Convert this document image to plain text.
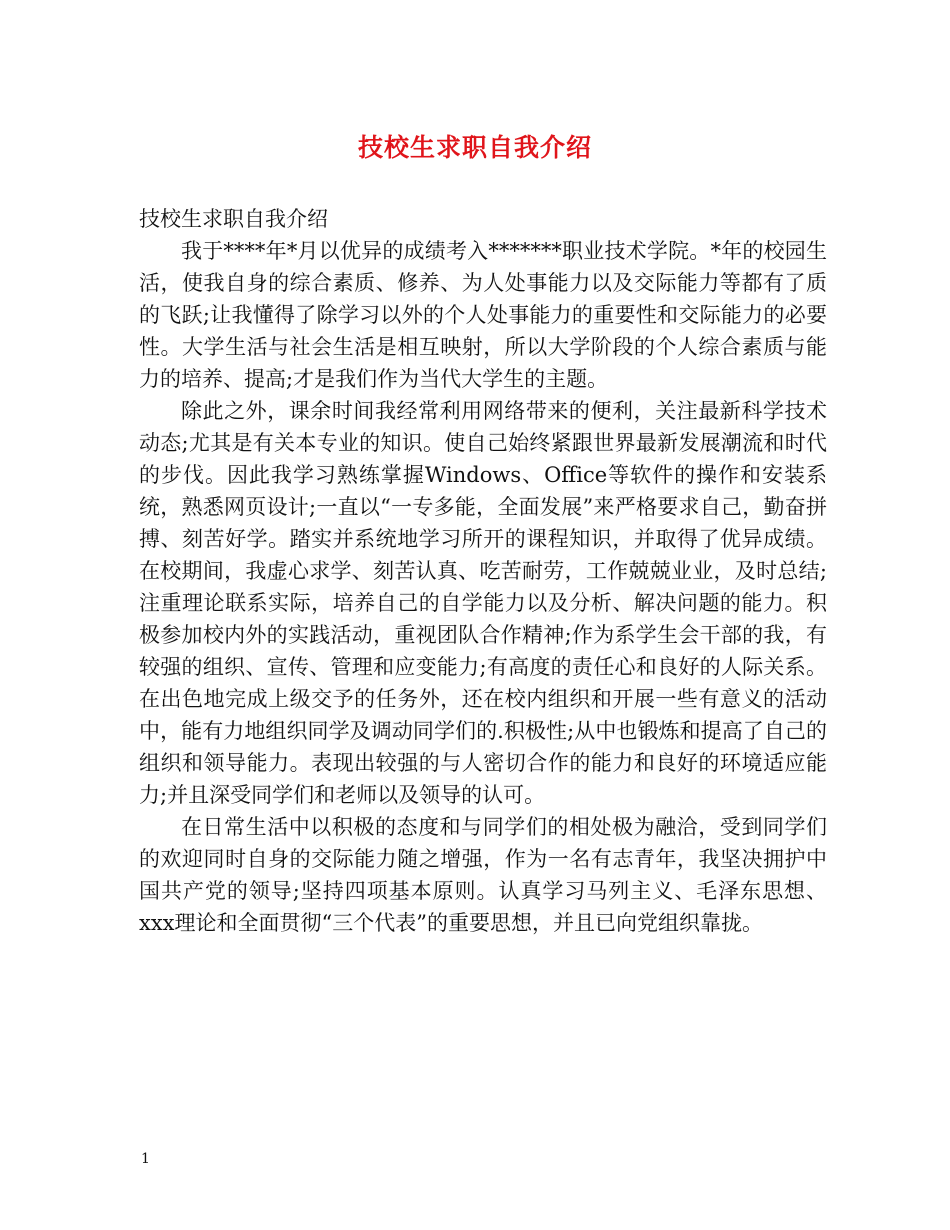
技校生求职自我介绍

技校生求职自我介绍

我于****年*月以优异的成绩考入*******职业技术学院。*年的校园生活，使我自身的综合素质、修养、为人处事能力以及交际能力等都有了质的飞跃;让我懂得了除学习以外的个人处事能力的重要性和交际能力的必要性。大学生活与社会生活是相互映射，所以大学阶段的个人综合素质与能力的培养、提高;才是我们作为当代大学生的主题。

除此之外，课余时间我经常利用网络带来的便利，关注最新科学技术动态;尤其是有关本专业的知识。使自己始终紧跟世界最新发展潮流和时代的步伐。因此我学习熟练掌握Windows、Office等软件的操作和安装系统，熟悉网页设计;一直以“一专多能，全面发展”来严格要求自己，勤奋拼搏、刻苦好学。踏实并系统地学习所开的课程知识，并取得了优异成绩。在校期间，我虚心求学、刻苦认真、吃苦耐劳，工作兢兢业业，及时总结;注重理论联系实际，培养自己的自学能力以及分析、解决问题的能力。积极参加校内外的实践活动，重视团队合作精神;作为系学生会干部的我，有较强的组织、宣传、管理和应变能力;有高度的责任心和良好的人际关系。在出色地完成上级交予的任务外，还在校内组织和开展一些有意义的活动中，能有力地组织同学及调动同学们的.积极性;从中也锻炼和提高了自己的组织和领导能力。表现出较强的与人密切合作的能力和良好的环境适应能力;并且深受同学们和老师以及领导的认可。

在日常生活中以积极的态度和与同学们的相处极为融洽，受到同学们的欢迎同时自身的交际能力随之增强，作为一名有志青年，我坚决拥护中国共产党的领导;坚持四项基本原则。认真学习马列主义、毛泽东思想、xxx理论和全面贯彻“三个代表”的重要思想，并且已向党组织靠拢。

1
